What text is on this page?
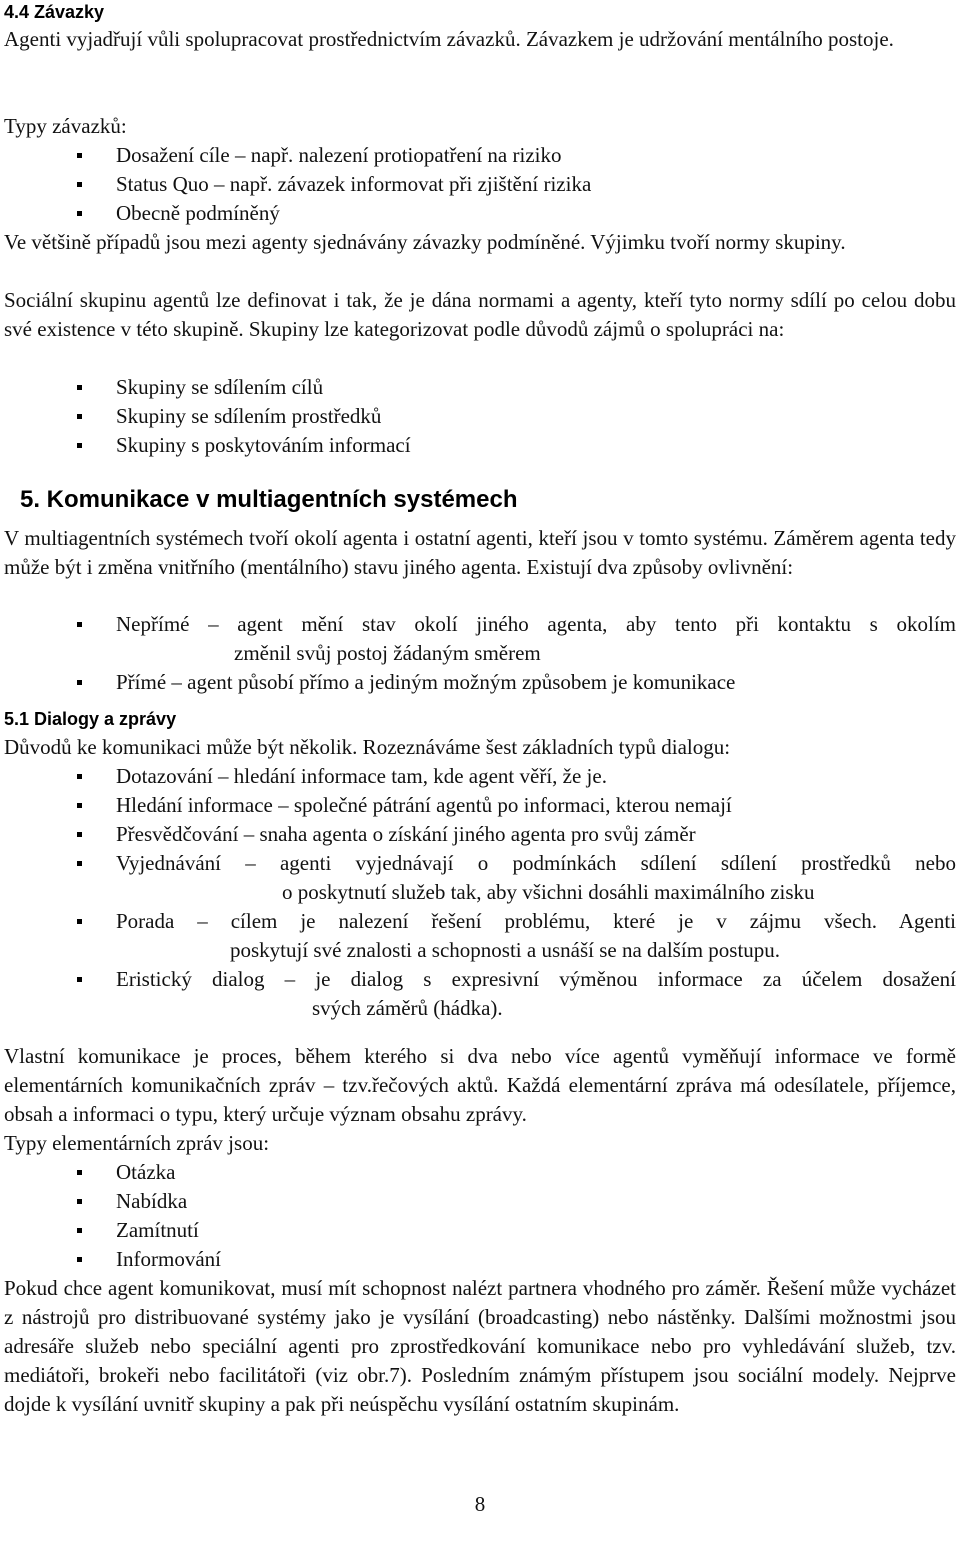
4.4 Závazky

Agenti vyjadřují vůli spolupracovat prostřednictvím závazků. Závazkem je udržování mentálního postoje.

Typy závazků:

Dosažení cíle – např. nalezení protiopatření na riziko
Status Quo – např. závazek informovat při zjištění rizika
Obecně podmíněný

Ve většině případů jsou mezi agenty sjednávány závazky podmíněné. Výjimku tvoří normy skupiny.

Sociální skupinu agentů lze definovat i tak, že je dána normami a agenty, kteří tyto normy sdílí po celou dobu své existence v této skupině. Skupiny lze kategorizovat podle důvodů zájmů o spolupráci na:

Skupiny se sdílením cílů
Skupiny se sdílením prostředků
Skupiny s poskytováním informací
5. Komunikace v multiagentních systémech

V multiagentních systémech tvoří okolí agenta i ostatní agenti, kteří jsou v tomto systému. Záměrem agenta tedy může být i změna vnitřního (mentálního) stavu jiného agenta. Existují dva způsoby ovlivnění:

Nepřímé – agent mění stav okolí jiného agenta, aby tento při kontaktu s okolím
změnil svůj postoj žádaným směrem
Přímé – agent působí přímo a jediným možným způsobem je komunikace
5.1 Dialogy a zprávy

Důvodů ke komunikaci může být několik. Rozeznáváme šest základních typů dialogu:

Dotazování – hledání informace tam, kde agent věří, že je.
Hledání informace – společné pátrání agentů po informaci, kterou nemají
Přesvědčování – snaha agenta o získání jiného agenta pro svůj záměr
Vyjednávání – agenti vyjednávají o podmínkách sdílení sdílení prostředků nebo
o poskytnutí služeb tak, aby všichni dosáhli maximálního zisku
Porada – cílem je nalezení řešení problému, které je v zájmu všech. Agenti
poskytují své znalosti a schopnosti a usnáší se na dalším postupu.
Eristický dialog – je dialog s expresivní výměnou informace za účelem dosažení
svých záměrů (hádka).

Vlastní komunikace je proces, během kterého si dva nebo více agentů vyměňují informace ve formě elementárních komunikačních zpráv – tzv.řečových aktů. Každá elementární zpráva má odesílatele, příjemce, obsah a informaci o typu, který určuje význam obsahu zprávy.

Typy elementárních zpráv jsou:

Otázka
Nabídka
Zamítnutí
Informování

Pokud chce agent komunikovat, musí mít schopnost nalézt partnera vhodného pro záměr. Řešení může vycházet z nástrojů pro distribuované systémy jako je vysílání (broadcasting) nebo nástěnky. Dalšími možnostmi jsou adresáře služeb nebo speciální agenti pro zprostředkování komunikace nebo pro vyhledávání služeb, tzv. mediátoři, brokeři nebo facilitátoři (viz obr.7). Posledním známým přístupem jsou sociální modely. Nejprve dojde k vysílání uvnitř skupiny a pak při neúspěchu vysílání ostatním skupinám.

8
